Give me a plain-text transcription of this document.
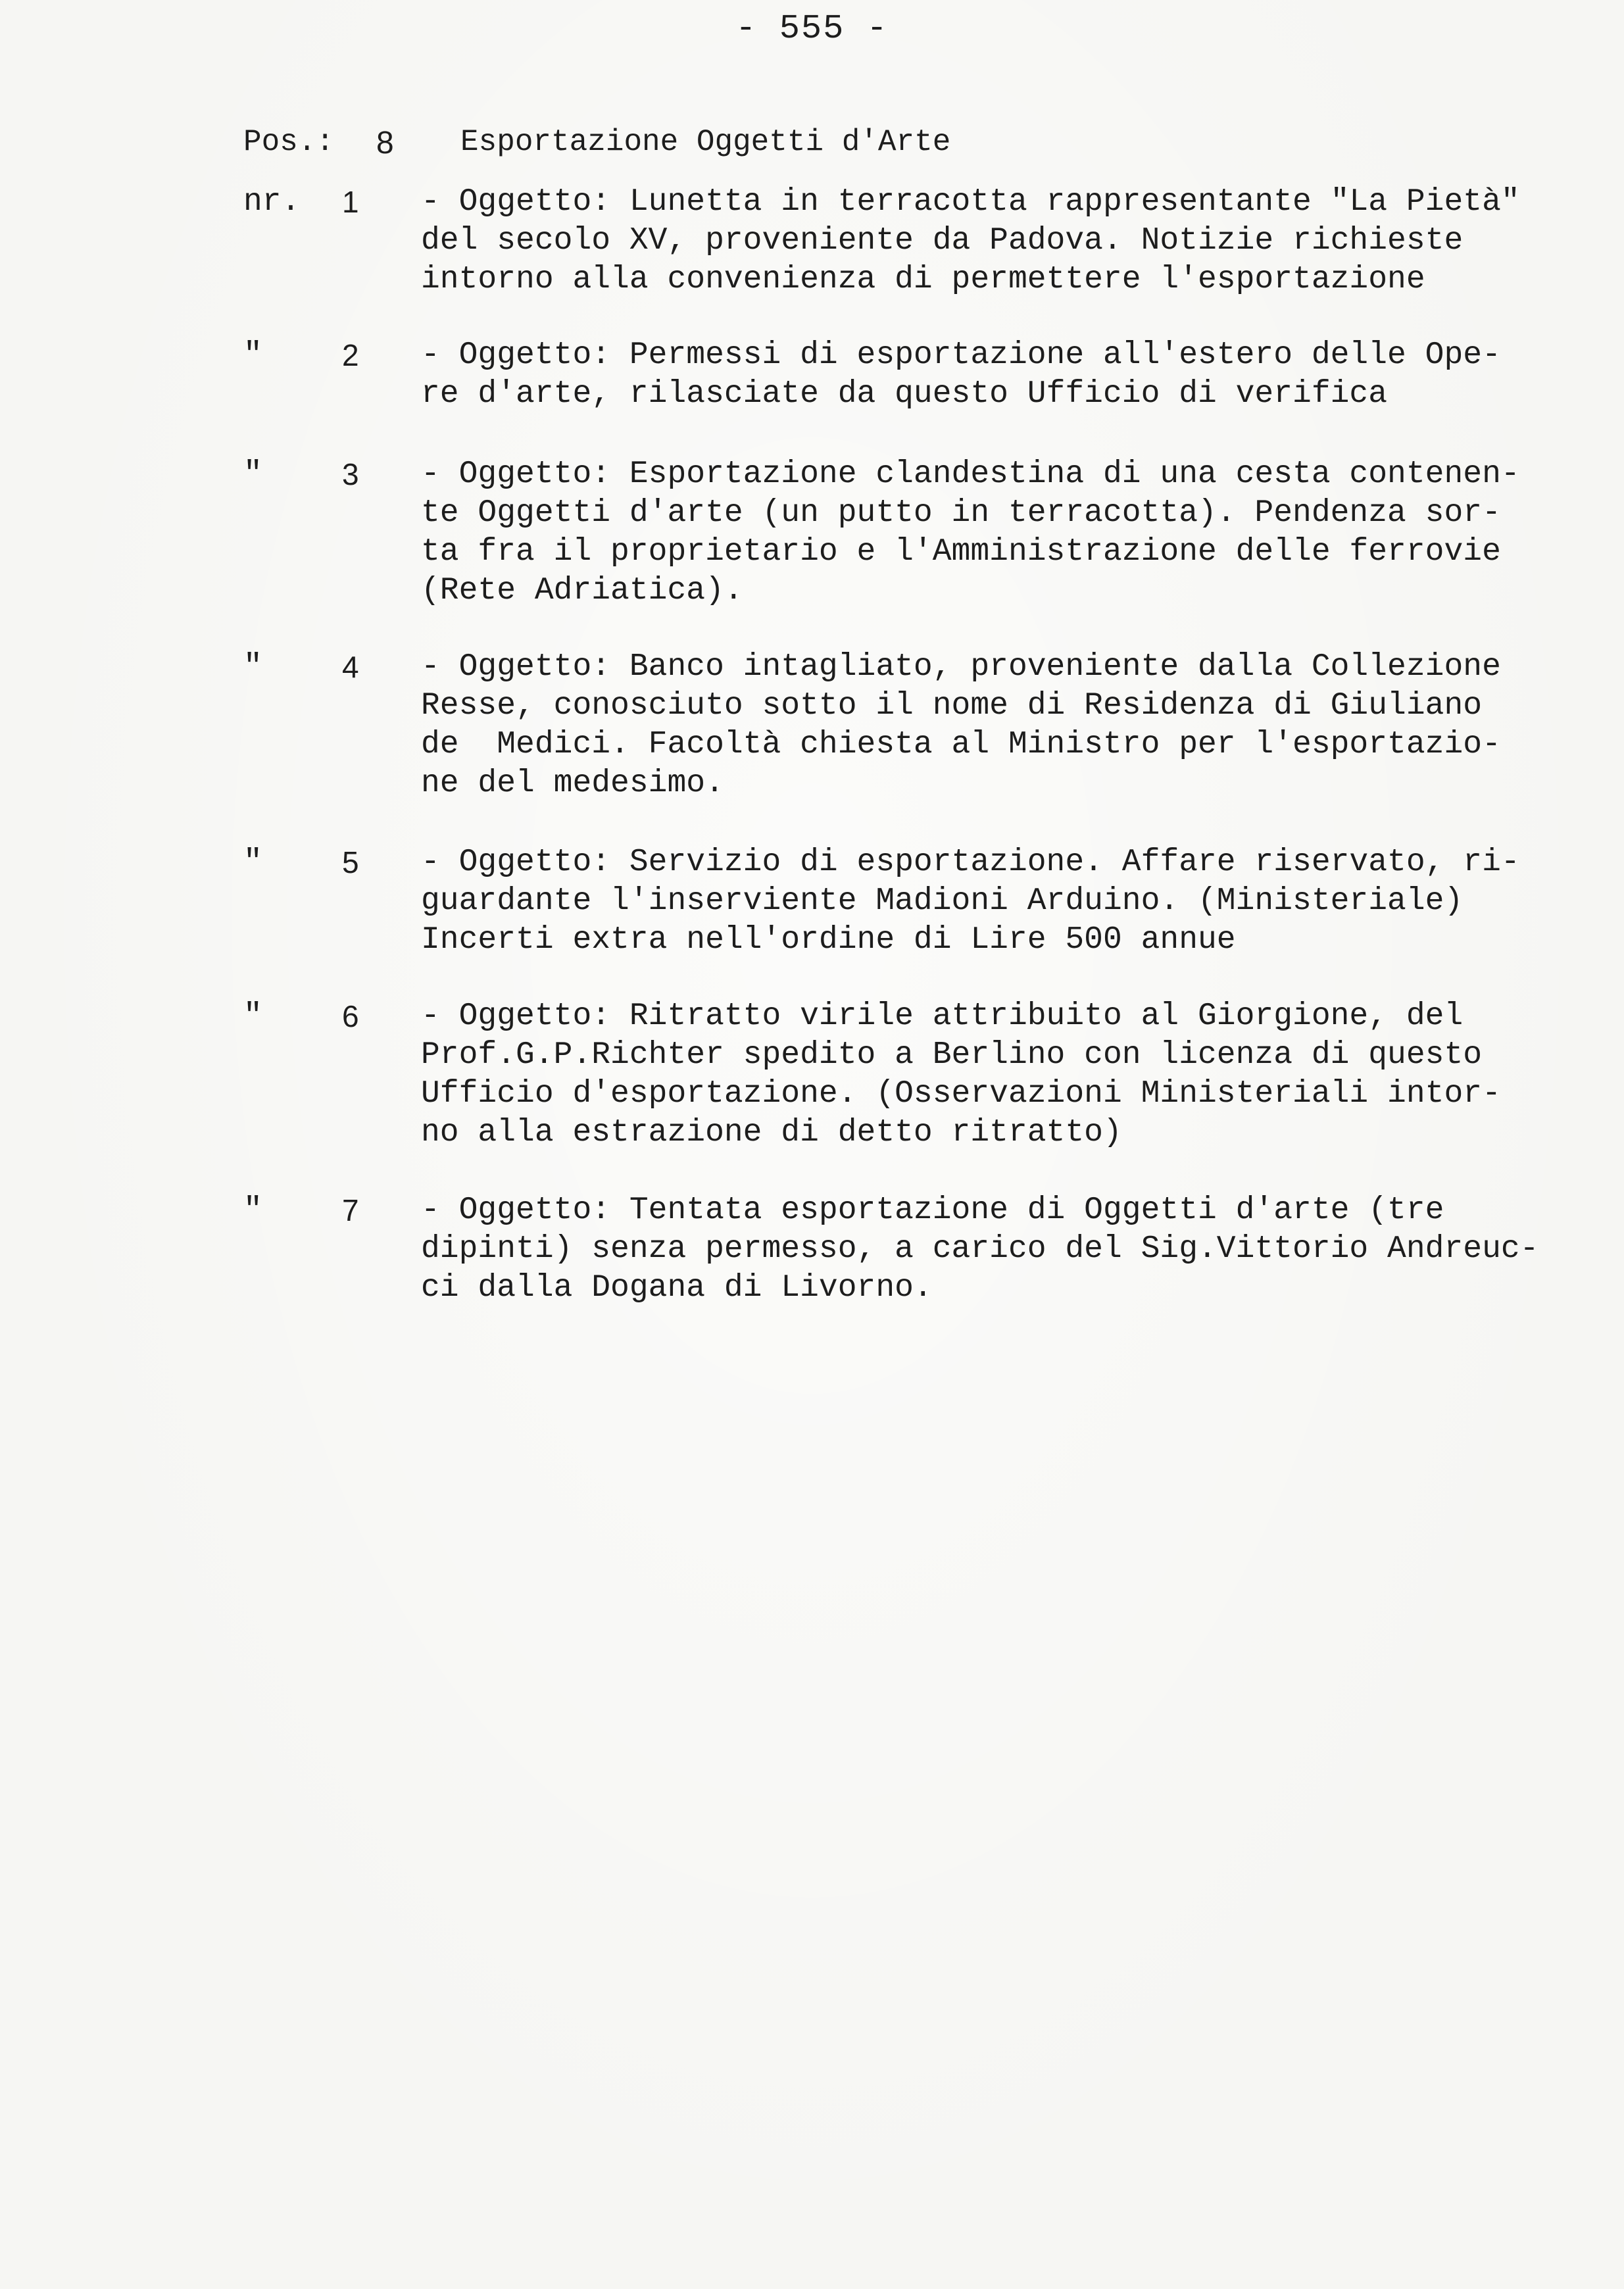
- 555 -
Pos.: 8 Esportazione Oggetti d'Arte
nr. 1 - Oggetto: Lunetta in terracotta rappresentante "La Pietà"
del secolo XV, proveniente da Padova. Notizie richieste
intorno alla convenienza di permettere l'esportazione
"	2 - Oggetto: Permessi di esportazione all'estero delle Ope-
re d'arte, rilasciate da questo Ufficio di verifica
"	3 - Oggetto: Esportazione clandestina di una cesta contenen-
te Oggetti d'arte (un putto in terracotta). Pendenza sor-
ta fra il proprietario e l'Amministrazione delle ferrovie
(Rete Adriatica).
"	4 - Oggetto: Banco intagliato, proveniente dalla Collezione
Resse, conosciuto sotto il nome di Residenza di Giuliano
de  Medici. Facoltà chiesta al Ministro per l'esportazio-
ne del medesimo.
"	5 - Oggetto: Servizio di esportazione. Affare riservato, ri-
guardante l'inserviente Madioni Arduino. (Ministeriale)
Incerti extra nell'ordine di Lire 500 annue
"	6 - Oggetto: Ritratto virile attribuito al Giorgione, del
Prof.G.P.Richter spedito a Berlino con licenza di questo
Ufficio d'esportazione. (Osservazioni Ministeriali intor-
no alla estrazione di detto ritratto)
"	7 - Oggetto: Tentata esportazione di Oggetti d'arte (tre
dipinti) senza permesso, a carico del Sig.Vittorio Andreuc-
ci dalla Dogana di Livorno.
